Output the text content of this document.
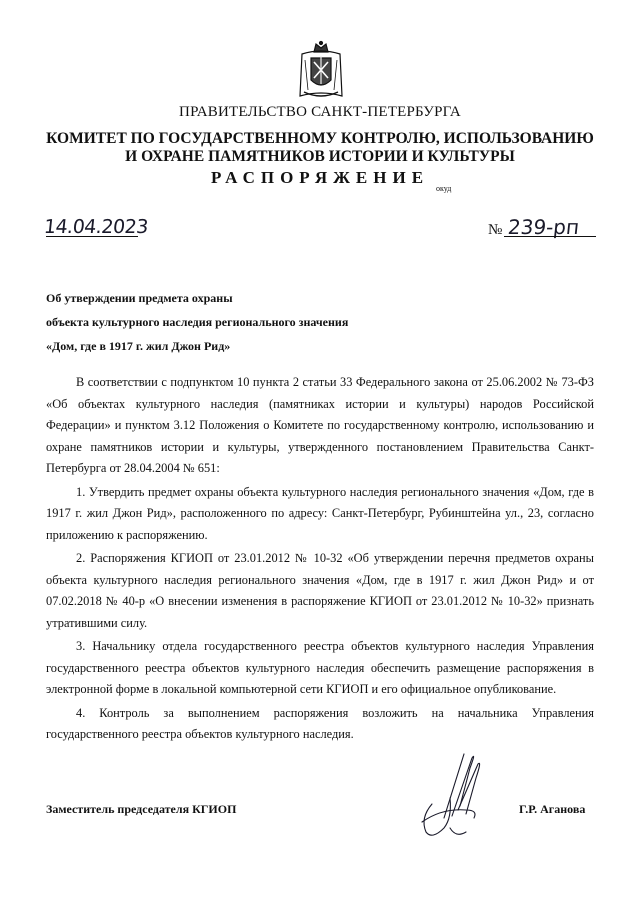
ПРАВИТЕЛЬСТВО САНКТ-ПЕТЕРБУРГА
КОМИТЕТ ПО ГОСУДАРСТВЕННОМУ КОНТРОЛЮ, ИСПОЛЬЗОВАНИЮ
И ОХРАНЕ ПАМЯТНИКОВ ИСТОРИИ И КУЛЬТУРЫ
РАСПОРЯЖЕНИЕ
окуд
14.04.2023	№ 239-рп
Об утверждении предмета охраны
объекта культурного наследия регионального значения
«Дом, где в 1917 г. жил Джон Рид»

В соответствии с подпунктом 10 пункта 2 статьи 33 Федерального закона от 25.06.2002 № 73-ФЗ «Об объектах культурного наследия (памятниках истории и культуры) народов Российской Федерации» и пунктом 3.12 Положения о Комитете по государственному контролю, использованию и охране памятников истории и культуры, утвержденного постановлением Правительства Санкт-Петербурга от 28.04.2004 № 651:

1. Утвердить предмет охраны объекта культурного наследия регионального значения «Дом, где в 1917 г. жил Джон Рид», расположенного по адресу: Санкт-Петербург, Рубинштейна ул., 23, согласно приложению к распоряжению.

2. Распоряжения КГИОП от 23.01.2012 № 10-32 «Об утверждении перечня предметов охраны объекта культурного наследия регионального значения «Дом, где в 1917 г. жил Джон Рид» и от 07.02.2018 № 40-р «О внесении изменения в распоряжение КГИОП от 23.01.2012 № 10-32» признать утратившими силу.

3. Начальнику отдела государственного реестра объектов культурного наследия Управления государственного реестра объектов культурного наследия обеспечить размещение распоряжения в электронной форме в локальной компьютерной сети КГИОП и его официальное опубликование.

4. Контроль за выполнением распоряжения возложить на начальника Управления государственного реестра объектов культурного наследия.

Заместитель председателя КГИОП	Г.Р. Аганова
